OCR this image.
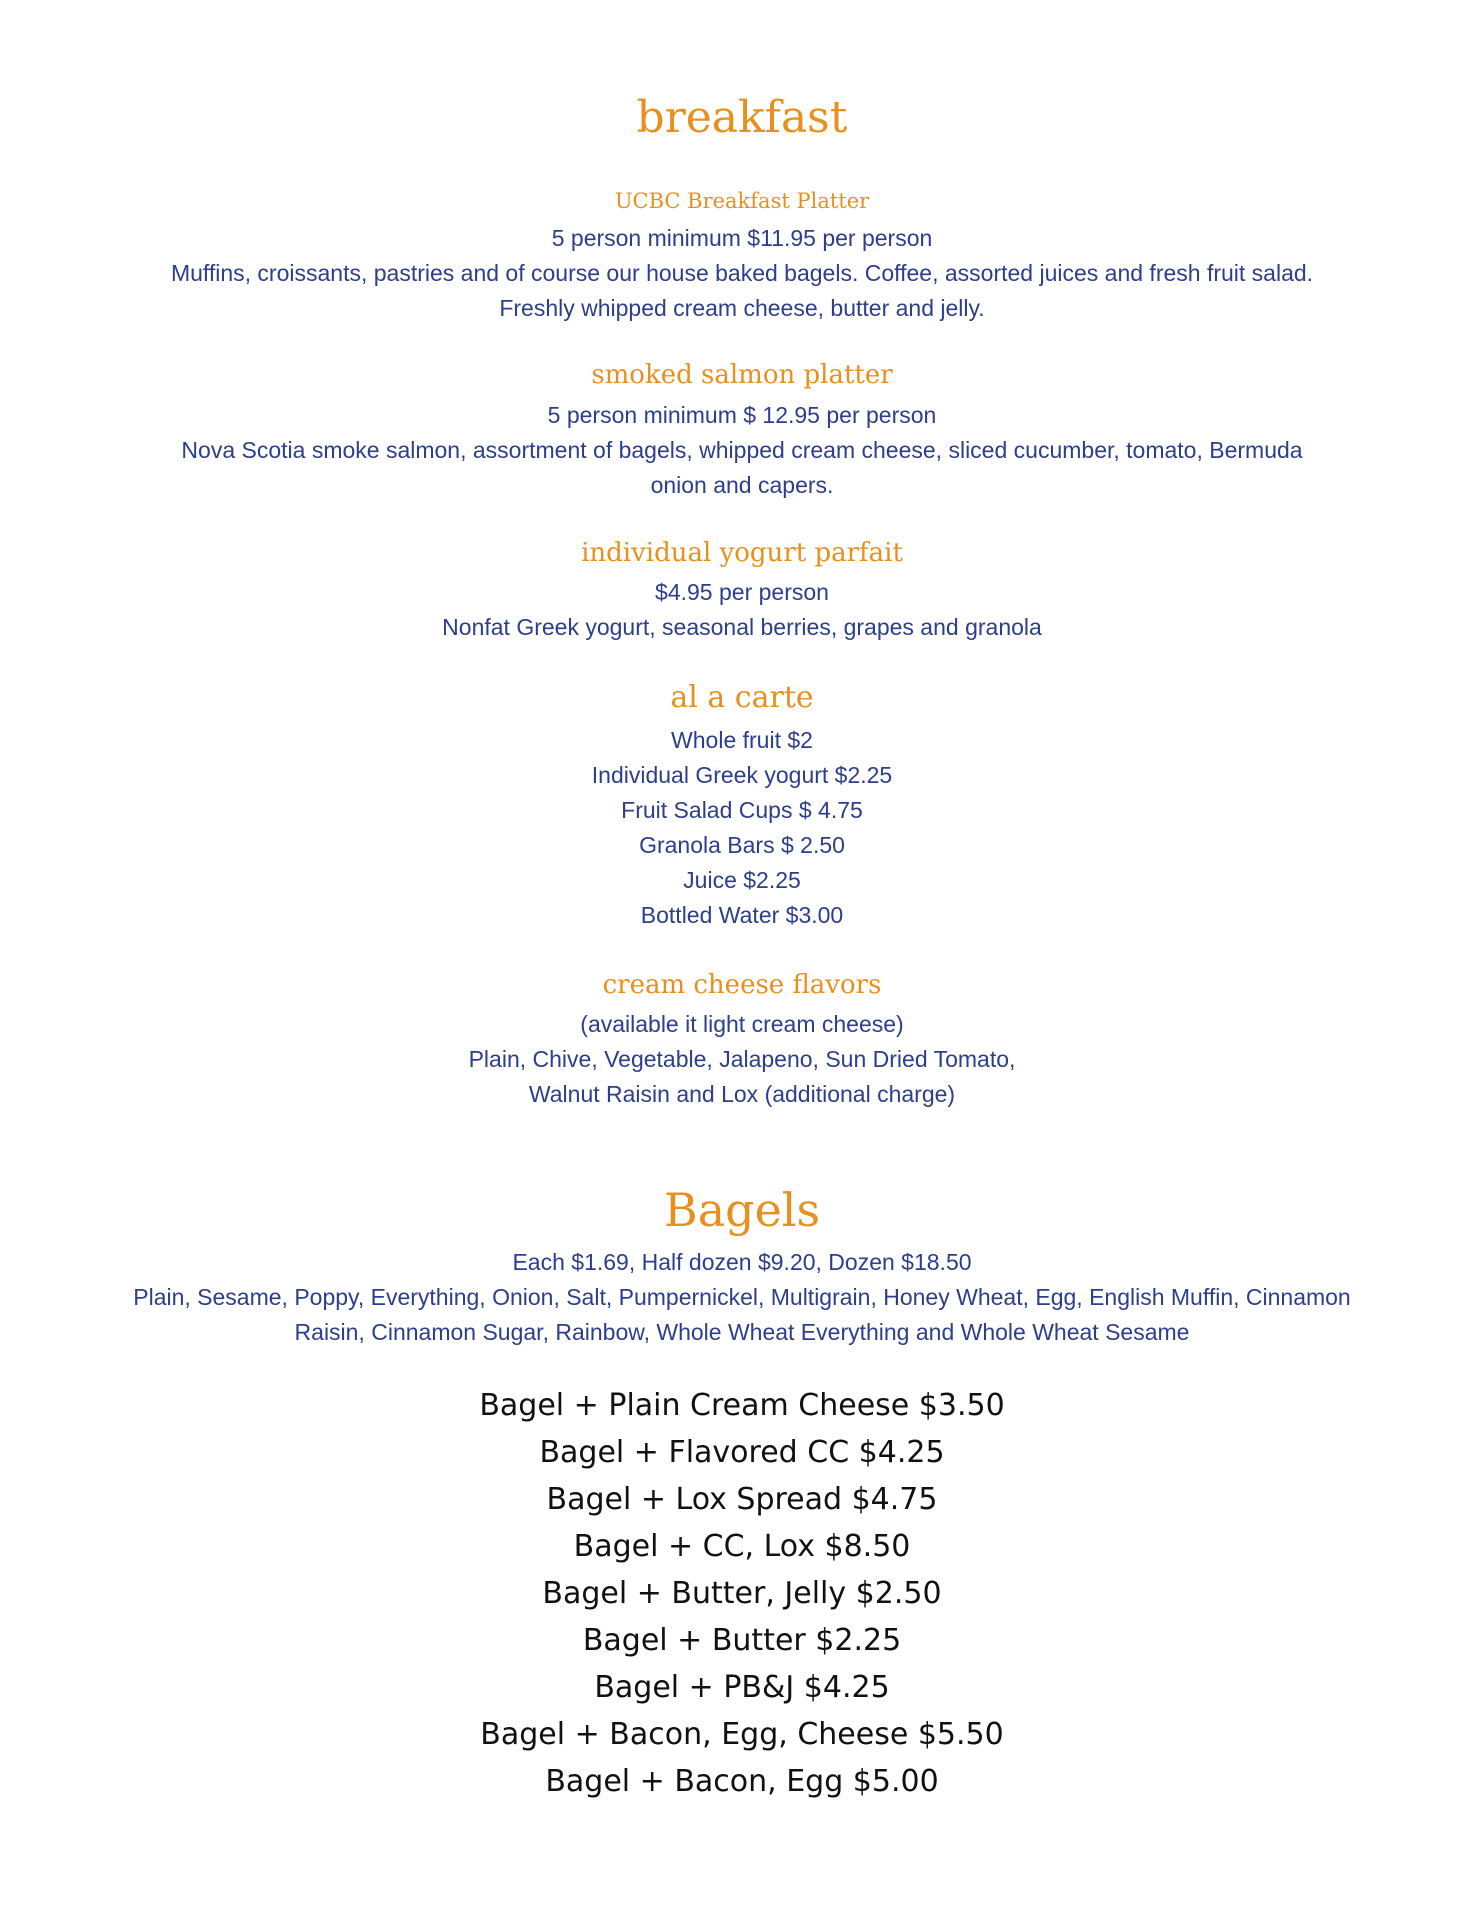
breakfast
UCBC Breakfast Platter

5 person minimum $11.95 per person

Muffins, croissants, pastries and of course our house baked bagels. Coffee, assorted juices and fresh fruit salad.

Freshly whipped cream cheese, butter and jelly.

smoked salmon platter

5 person minimum $ 12.95 per person

Nova Scotia smoke salmon, assortment of bagels, whipped cream cheese, sliced cucumber, tomato, Bermuda

onion and capers.

individual yogurt parfait

$4.95 per person

Nonfat Greek yogurt, seasonal berries, grapes and granola

al a carte

Whole fruit $2

Individual Greek yogurt $2.25

Fruit Salad Cups $ 4.75

Granola Bars $ 2.50

Juice $2.25

Bottled Water $3.00

cream cheese flavors

(available it light cream cheese)

Plain, Chive, Vegetable, Jalapeno, Sun Dried Tomato,

Walnut Raisin and Lox (additional charge)

Bagels

Each $1.69, Half dozen $9.20, Dozen $18.50

Plain, Sesame, Poppy, Everything, Onion, Salt, Pumpernickel, Multigrain, Honey Wheat, Egg, English Muffin, Cinnamon

Raisin, Cinnamon Sugar, Rainbow, Whole Wheat Everything and Whole Wheat Sesame

Bagel + Plain Cream Cheese $3.50

Bagel + Flavored CC $4.25

Bagel + Lox Spread $4.75

Bagel + CC, Lox $8.50

Bagel + Butter, Jelly $2.50

Bagel + Butter $2.25

Bagel + PB&J $4.25

Bagel + Bacon, Egg, Cheese $5.50

Bagel + Bacon, Egg $5.00
